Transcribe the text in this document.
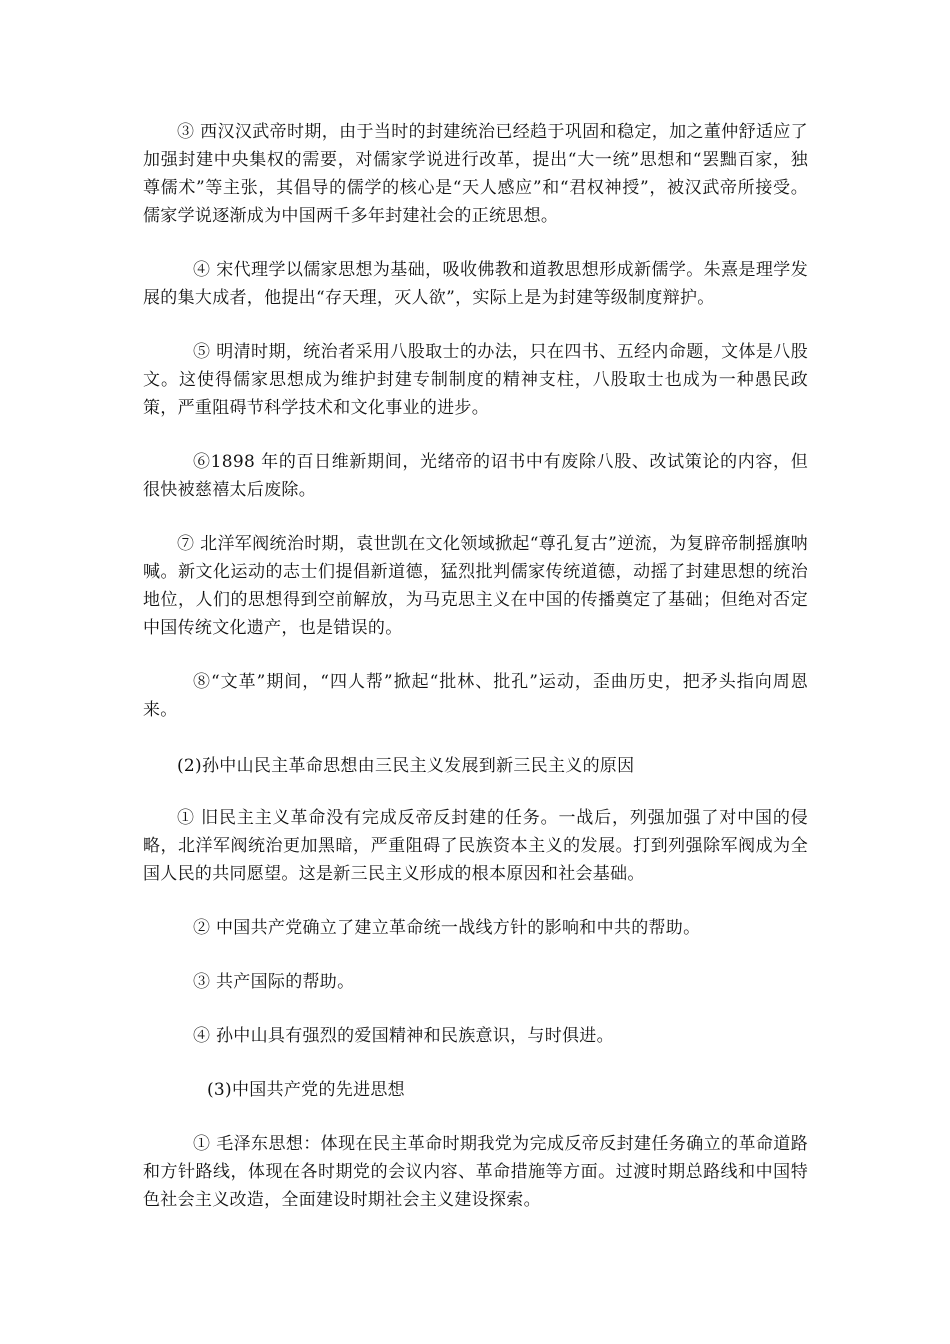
③ 西汉汉武帝时期，由于当时的封建统治已经趋于巩固和稳定，加之董仲舒适应了加强封建中央集权的需要，对儒家学说进行改革，提出“大一统”思想和“罢黜百家，独尊儒术”等主张，其倡导的儒学的核心是“天人感应”和“君权神授”，被汉武帝所接受。儒家学说逐渐成为中国两千多年封建社会的正统思想。

④ 宋代理学以儒家思想为基础，吸收佛教和道教思想形成新儒学。朱熹是理学发展的集大成者，他提出“存天理，灭人欲”，实际上是为封建等级制度辩护。

⑤ 明清时期，统治者采用八股取士的办法，只在四书、五经内命题，文体是八股文。这使得儒家思想成为维护封建专制制度的精神支柱，八股取士也成为一种愚民政策，严重阻碍节科学技术和文化事业的进步。

⑥1898 年的百日维新期间，光绪帝的诏书中有废除八股、改试策论的内容，但很快被慈禧太后废除。

⑦ 北洋军阀统治时期，袁世凯在文化领域掀起“尊孔复古”逆流，为复辟帝制摇旗呐喊。新文化运动的志士们提倡新道德，猛烈批判儒家传统道德，动摇了封建思想的统治地位，人们的思想得到空前解放，为马克思主义在中国的传播奠定了基础；但绝对否定中国传统文化遗产，也是错误的。

⑧“文革”期间，“四人帮”掀起“批林、批孔”运动，歪曲历史，把矛头指向周恩来。

(2)孙中山民主革命思想由三民主义发展到新三民主义的原因

① 旧民主主义革命没有完成反帝反封建的任务。一战后，列强加强了对中国的侵略，北洋军阀统治更加黑暗，严重阻碍了民族资本主义的发展。打到列强除军阀成为全国人民的共同愿望。这是新三民主义形成的根本原因和社会基础。

② 中国共产党确立了建立革命统一战线方针的影响和中共的帮助。

③ 共产国际的帮助。

④ 孙中山具有强烈的爱国精神和民族意识，与时俱进。

(3)中国共产党的先进思想

① 毛泽东思想：体现在民主革命时期我党为完成反帝反封建任务确立的革命道路和方针路线，体现在各时期党的会议内容、革命措施等方面。过渡时期总路线和中国特色社会主义改造，全面建设时期社会主义建设探索。
